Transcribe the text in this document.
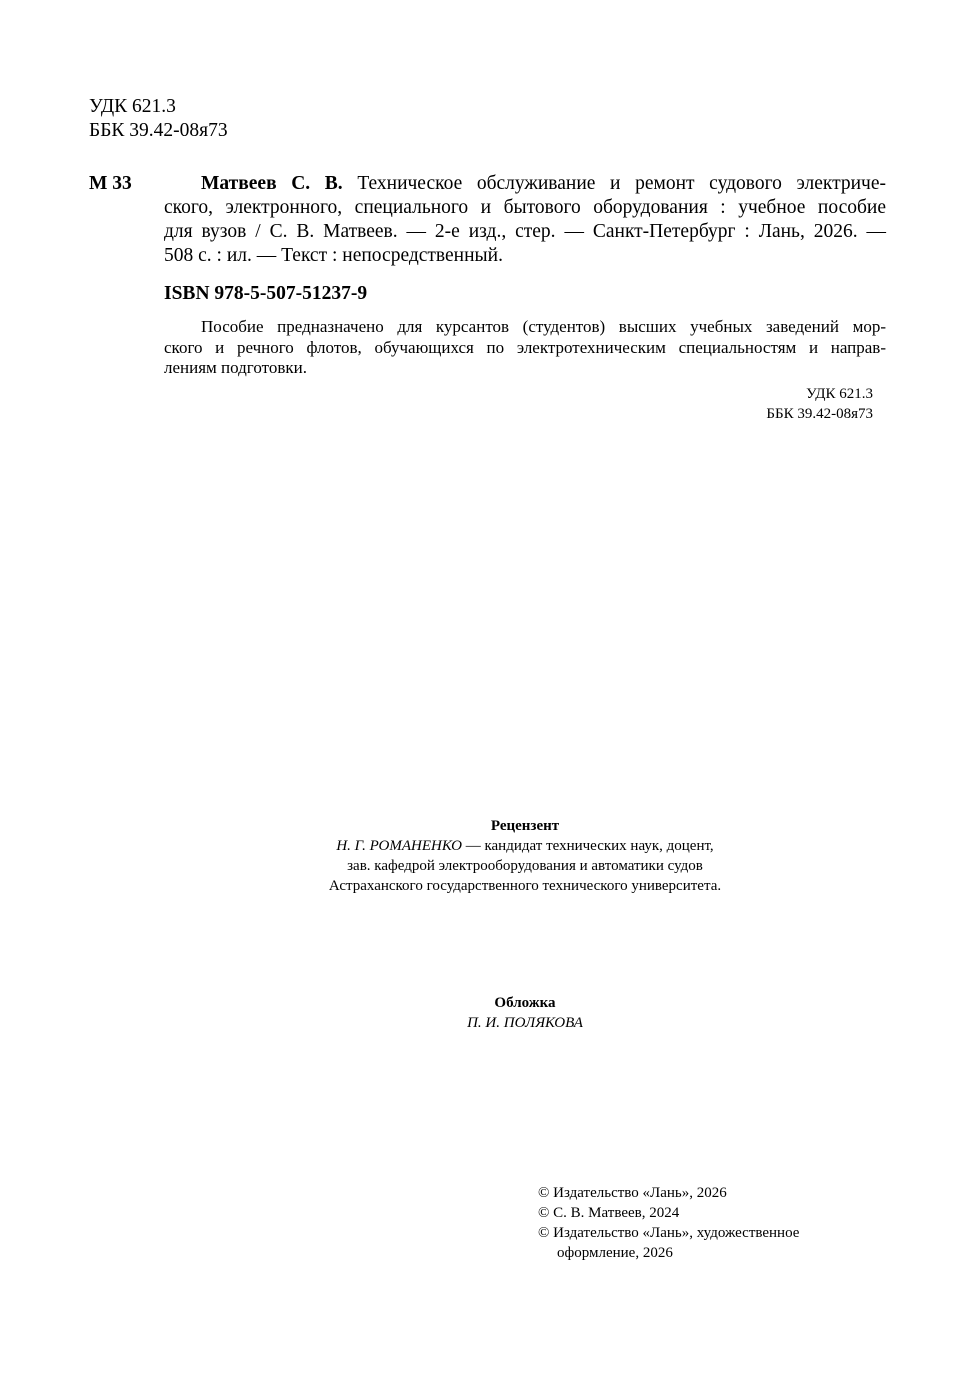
УДК 621.3
ББК 39.42-08я73
М 33	Матвеев С. В. Техническое обслуживание и ремонт судового электриче-
ского, электронного, специального и бытового оборудования : учебное пособие
для вузов / С. В. Матвеев. — 2-е изд., стер. — Санкт-Петербург : Лань, 2026. —
508 с. : ил. — Текст : непосредственный.
ISBN 978-5-507-51237-9
Пособие предназначено для курсантов (студентов) высших учебных заведений мор-
ского и речного флотов, обучающихся по электротехническим специальностям и направ-
лениям подготовки.
УДК 621.3
ББК 39.42-08я73
Рецензент
Н. Г. РОМАНЕНКО — кандидат технических наук, доцент,
зав. кафедрой электрооборудования и автоматики судов
Астраханского государственного технического университета.
Обложка
П. И. ПОЛЯКОВА
© Издательство «Лань», 2026
© С. В. Матвеев, 2024
© Издательство «Лань», художественное
оформление, 2026
